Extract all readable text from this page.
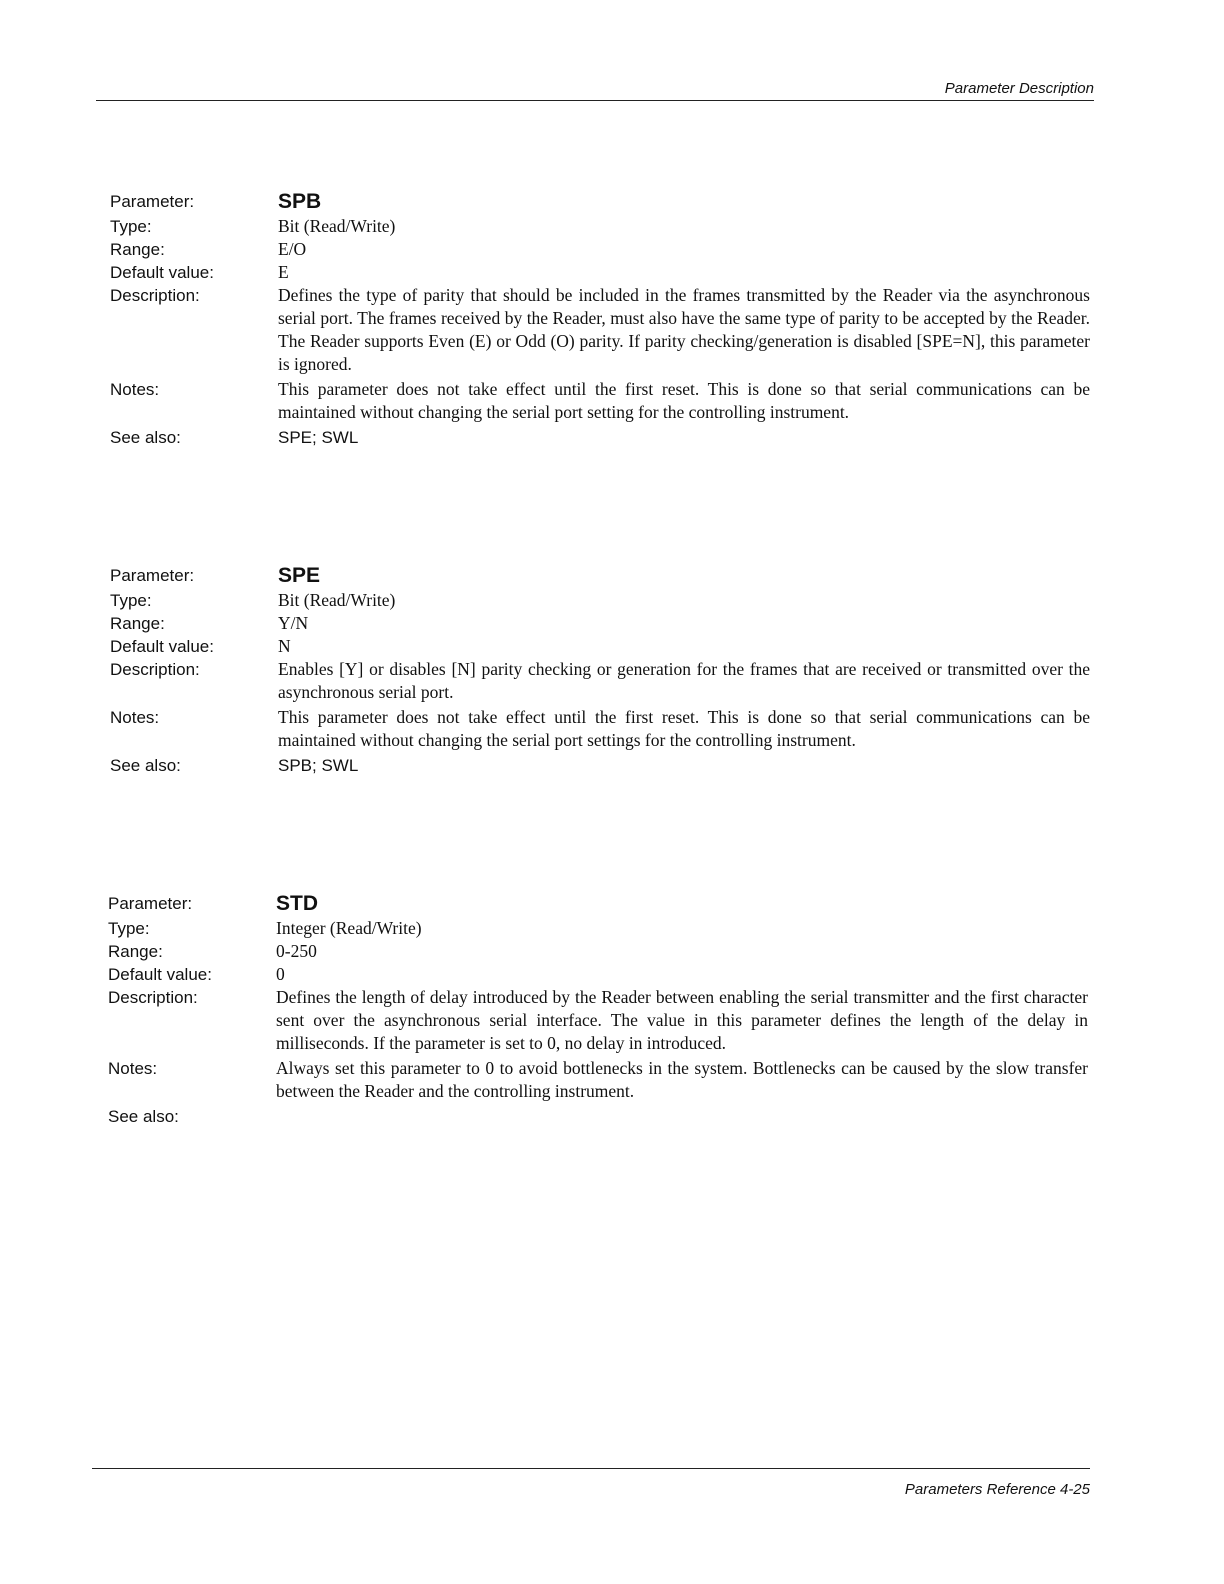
Parameter Description
Parameter:	SPB
Type:	Bit (Read/Write)
Range:	E/O
Default value:	E
Description:	Defines the type of parity that should be included in the frames transmitted by the Reader via the asynchronous serial port. The frames received by the Reader, must also have the same type of parity to be accepted by the Reader. The Reader supports Even (E) or Odd (O) parity. If parity checking/generation is disabled [SPE=N], this parameter is ignored.
Notes:	This parameter does not take effect until the first reset. This is done so that serial communications can be maintained without changing the serial port setting for the controlling instrument.
See also:	SPE; SWL
Parameter:	SPE
Type:	Bit (Read/Write)
Range:	Y/N
Default value:	N
Description:	Enables [Y] or disables [N] parity checking or generation for the frames that are received or transmitted over the asynchronous serial port.
Notes:	This parameter does not take effect until the first reset. This is done so that serial communications can be maintained without changing the serial port settings for the controlling instrument.
See also:	SPB; SWL
Parameter:	STD
Type:	Integer (Read/Write)
Range:	0-250
Default value:	0
Description:	Defines the length of delay introduced by the Reader between enabling the serial transmitter and the first character sent over the asynchronous serial interface. The value in this parameter defines the length of the delay in milliseconds. If the parameter is set to 0, no delay in introduced.
Notes:	Always set this parameter to 0 to avoid bottlenecks in the system. Bottlenecks can be caused by the slow transfer between the Reader and the controlling instrument.
See also:
Parameters Reference 4-25
